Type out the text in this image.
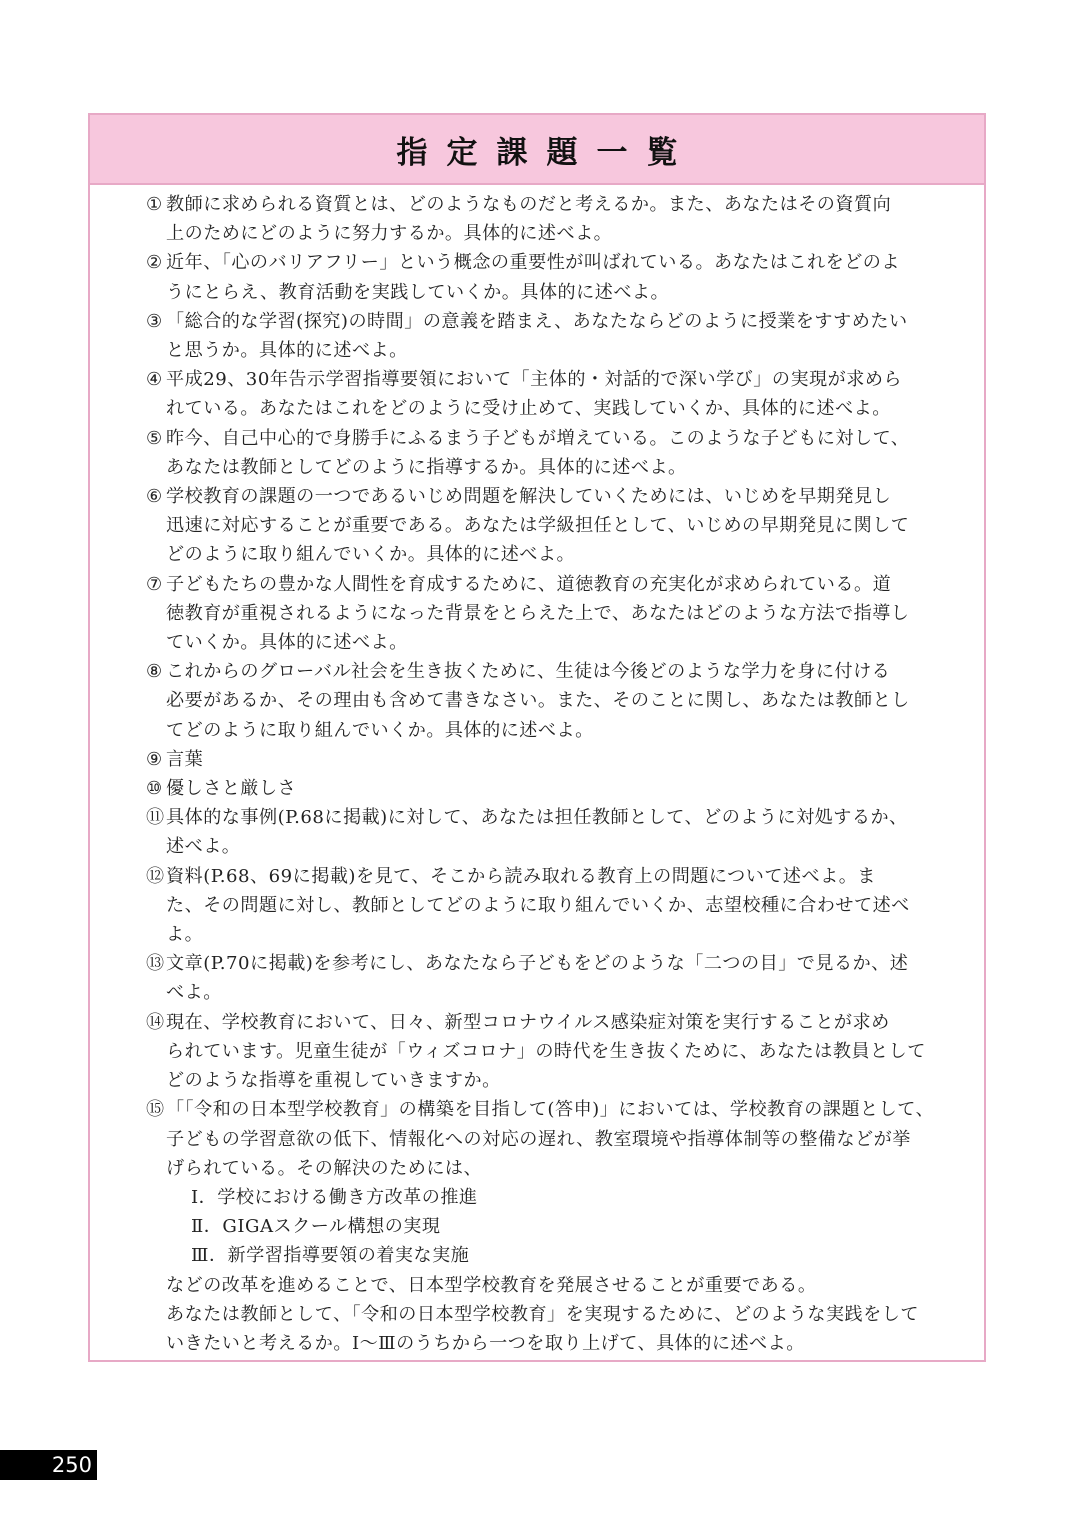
指定課題一覧
① 教師に求められる資質とは、どのようなものだと考えるか。また、あなたはその資質向
上のためにどのように努力するか。具体的に述べよ。
② 近年、「心のバリアフリー」という概念の重要性が叫ばれている。あなたはこれをどのよ
うにとらえ、教育活動を実践していくか。具体的に述べよ。
③ 「総合的な学習(探究)の時間」の意義を踏まえ、あなたならどのように授業をすすめたい
と思うか。具体的に述べよ。
④ 平成29、30年告示学習指導要領において「主体的・対話的で深い学び」の実現が求めら
れている。あなたはこれをどのように受け止めて、実践していくか、具体的に述べよ。
⑤ 昨今、自己中心的で身勝手にふるまう子どもが増えている。このような子どもに対して、
あなたは教師としてどのように指導するか。具体的に述べよ。
⑥ 学校教育の課題の一つであるいじめ問題を解決していくためには、いじめを早期発見し
迅速に対応することが重要である。あなたは学級担任として、いじめの早期発見に関して
どのように取り組んでいくか。具体的に述べよ。
⑦ 子どもたちの豊かな人間性を育成するために、道徳教育の充実化が求められている。道
徳教育が重視されるようになった背景をとらえた上で、あなたはどのような方法で指導し
ていくか。具体的に述べよ。
⑧ これからのグローバル社会を生き抜くために、生徒は今後どのような学力を身に付ける
必要があるか、その理由も含めて書きなさい。また、そのことに関し、あなたは教師とし
てどのように取り組んでいくか。具体的に述べよ。
⑨ 言葉
⑩ 優しさと厳しさ
⑪ 具体的な事例(P.68に掲載)に対して、あなたは担任教師として、どのように対処するか、
述べよ。
⑫ 資料(P.68、69に掲載)を見て、そこから読み取れる教育上の問題について述べよ。ま
た、その問題に対し、教師としてどのように取り組んでいくか、志望校種に合わせて述べ
よ。
⑬ 文章(P.70に掲載)を参考にし、あなたなら子どもをどのような「二つの目」で見るか、述
べよ。
⑭ 現在、学校教育において、日々、新型コロナウイルス感染症対策を実行することが求め
られています。児童生徒が「ウィズコロナ」の時代を生き抜くために、あなたは教員として
どのような指導を重視していきますか。
⑮ 「「令和の日本型学校教育」の構築を目指して(答申)」においては、学校教育の課題として、
子どもの学習意欲の低下、情報化への対応の遅れ、教室環境や指導体制等の整備などが挙
げられている。その解決のためには、
Ⅰ．学校における働き方改革の推進
Ⅱ．GIGAスクール構想の実現
Ⅲ．新学習指導要領の着実な実施
などの改革を進めることで、日本型学校教育を発展させることが重要である。
あなたは教師として、「令和の日本型学校教育」を実現するために、どのような実践をして
いきたいと考えるか。Ⅰ～Ⅲのうちから一つを取り上げて、具体的に述べよ。
250
